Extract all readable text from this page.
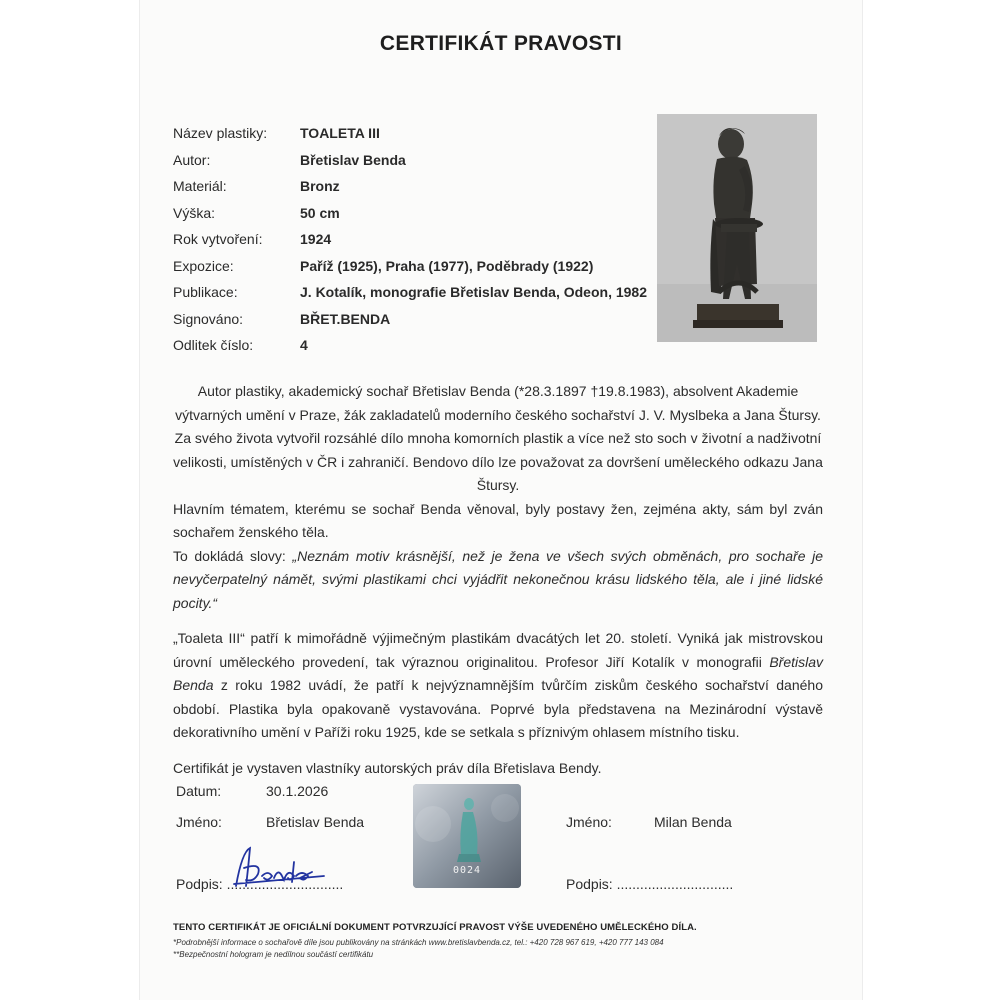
CERTIFIKÁT PRAVOSTI
Název plastiky:	TOALETA III
Autor:	Břetislav Benda
Materiál:	Bronz
Výška:	50 cm
Rok vytvoření:	1924
Expozice:	Paříž (1925), Praha (1977), Poděbrady (1922)
Publikace:	J. Kotalík, monografie Břetislav Benda, Odeon, 1982
Signováno:	BŘET.BENDA
Odlitek číslo:	4

Autor plastiky, akademický sochař Břetislav Benda (*28.3.1897 †19.8.1983), absolvent Akademie výtvarných umění v Praze, žák zakladatelů moderního českého sochařství J. V. Myslbeka a Jana Štursy. Za svého života vytvořil rozsáhlé dílo mnoha komorních plastik a více než sto soch v životní a nadživotní velikosti, umístěných v ČR i zahraničí. Bendovo dílo lze považovat za dovršení uměleckého odkazu Jana Štursy.

Hlavním tématem, kterému se sochař Benda věnoval, byly postavy žen, zejména akty, sám byl zván sochařem ženského těla.

To dokládá slovy: „Neznám motiv krásnější, než je žena ve všech svých obměnách, pro sochaře je nevyčerpatelný námět, svými plastikami chci vyjádřit nekonečnou krásu lidského těla, ale i jiné lidské pocity.“

„Toaleta III“ patří k mimořádně výjimečným plastikám dvacátých let 20. století. Vyniká jak mistrovskou úrovní uměleckého provedení, tak výraznou originalitou. Profesor Jiří Kotalík v monografii Břetislav Benda z roku 1982 uvádí, že patří k nejvýznamnějším tvůrčím ziskům českého sochařství daného období. Plastika byla opakovaně vystavována. Poprvé byla představena na Mezinárodní výstavě dekorativního umění v Paříži roku 1925, kde se setkala s příznivým ohlasem místního tisku.

Certifikát je vystaven vlastníky autorských práv díla Břetislava Bendy.

Datum:	30.1.2026
Jméno:	Břetislav Benda
Podpis: ..............................
0024
Jméno:	Milan Benda
Podpis: ..............................
TENTO CERTIFIKÁT JE OFICIÁLNÍ DOKUMENT POTVRZUJÍCÍ PRAVOST VÝŠE UVEDENÉHO UMĚLECKÉHO DÍLA.
*Podrobnější informace o sochařově díle jsou publikovány na stránkách www.bretislavbenda.cz, tel.: +420 728 967 619, +420 777 143 084
**Bezpečnostní hologram je nedílnou součástí certifikátu
